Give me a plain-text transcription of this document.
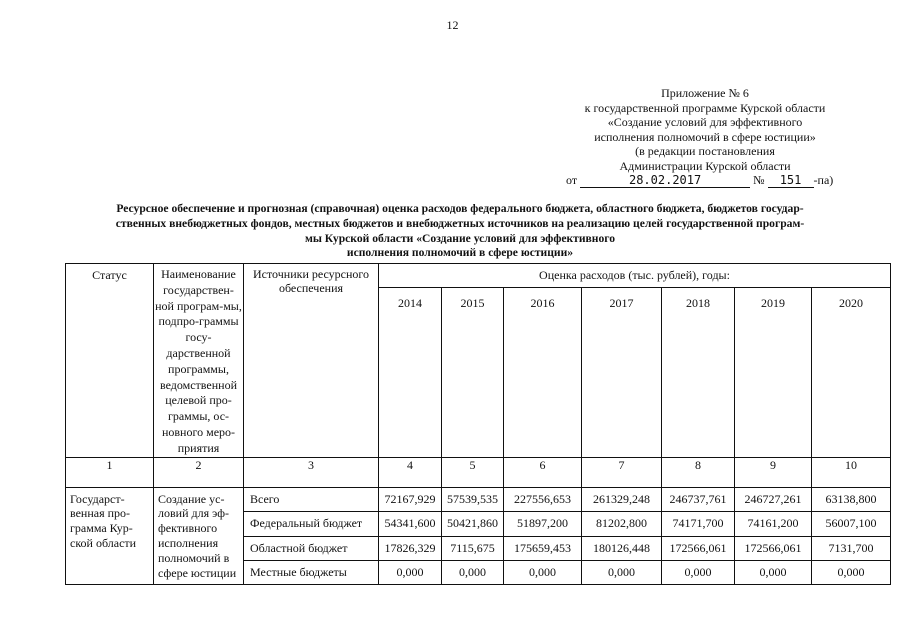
12
Приложение № 6
к государственной программе Курской области
«Создание условий для эффективного
исполнения полномочий в сфере юстиции»
(в редакции постановления
Администрации Курской области
от	28.02.2017	№ 151 -па)
Ресурсное обеспечение и прогнозная (справочная) оценка расходов федерального бюджета, областного бюджета, бюджетов государ-
ственных внебюджетных фондов, местных бюджетов и внебюджетных источников на реализацию целей государственной програм-
мы Курской области «Создание условий для эффективного
исполнения полномочий в сфере юстиции»
Статус	Наименование государствен-ной програм-мы, подпро-граммы госу-дарственной программы, ведомственной целевой про-граммы, ос-новного меро-приятия	Источники ресурсного обеспечения	Оценка расходов (тыс. рублей), годы:						
			2014	2015	2016	2017	2018	2019	2020
1	2	3	4	5	6	7	8	9	10
Государст-венная про-грамма Кур-ской области	Создание ус-ловий для эф-фективного исполнения полномочий в сфере юстиции	Всего	72167,929	57539,535	227556,653	261329,248	246737,761	246727,261	63138,800
		Федеральный бюджет	54341,600	50421,860	51897,200	81202,800	74171,700	74161,200	56007,100
		Областной бюджет	17826,329	7115,675	175659,453	180126,448	172566,061	172566,061	7131,700
		Местные бюджеты	0,000	0,000	0,000	0,000	0,000	0,000	0,000
